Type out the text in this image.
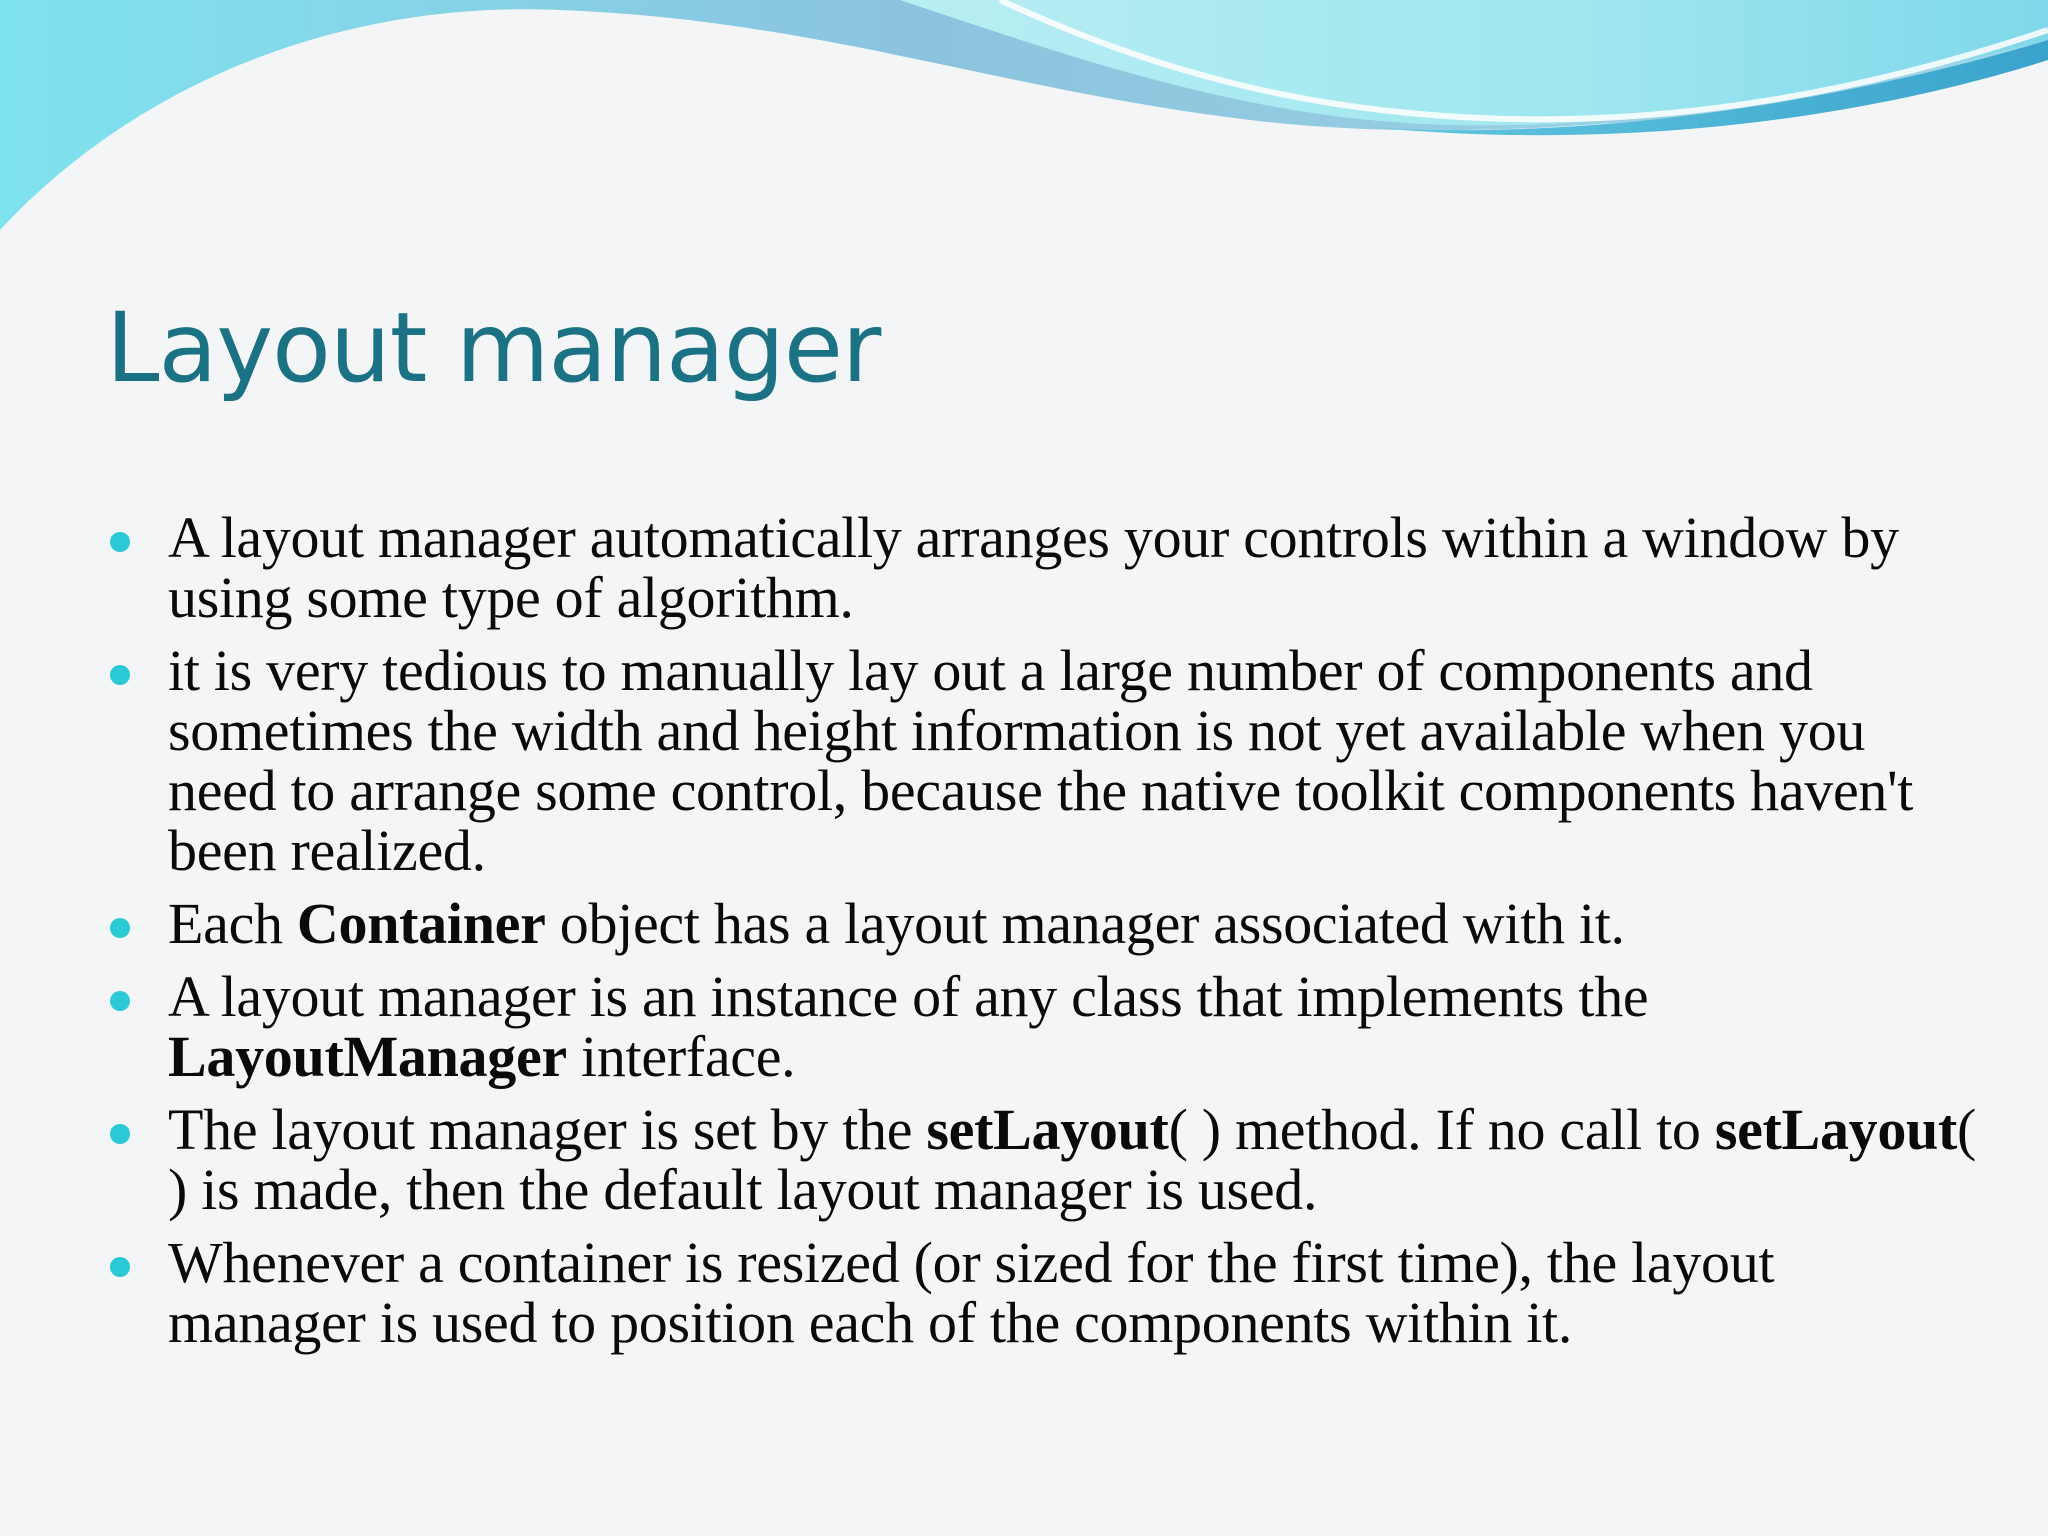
Layout manager
A layout manager automatically arranges your controls within a window by using some type of algorithm.
it is very tedious to manually lay out a large number of components and sometimes the width and height information is not yet available when you need to arrange some control, because the native toolkit components haven't been realized.
Each Container object has a layout manager associated with it.
A layout manager is an instance of any class that implements the LayoutManager interface.
The layout manager is set by the setLayout( ) method. If no call to setLayout( ) is made, then the default layout manager is used.
Whenever a container is resized (or sized for the first time), the layout manager is used to position each of the components within it.
